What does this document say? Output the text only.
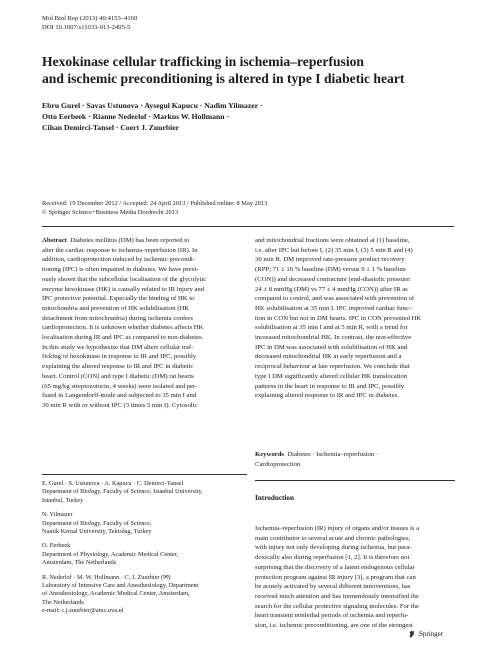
Mol Biol Rep (2013) 40:4153–4160
DOI 10.1007/s11033-013-2495-5
Hexokinase cellular trafficking in ischemia–reperfusion
and ischemic preconditioning is altered in type I diabetic heart
Ebru Gurel · Savas Ustunova · Aysegul Kapucu · Nadim Yilmazer ·
Otto Eerbeek · Rianne Nederlof · Markus W. Hollmann ·
Cihan Demirci-Tansel · Coert J. Zuurbier
Received: 19 December 2012 / Accepted: 24 April 2013 / Published online: 8 May 2013
© Springer Science+Business Media Dordrecht 2013
Abstract Diabetes mellitus (DM) has been reported to
alter the cardiac response to ischemia–reperfusion (IR). In
addition, cardioprotection induced by ischemic precondi-
tioning (IPC) is often impaired in diabetes. We have previ-
ously shown that the subcellular localisation of the glycolytic
enzyme hexokinase (HK) is causally related to IR injury and
IPC protective potential. Especially the binding of HK to
mitochondria and prevention of HK solubilisation (HK
detachment from mitochondria) during ischemia confers
cardioprotection. It is unknown whether diabetes affects HK
localisation during IR and IPC as compared to non-diabetes.
In this study we hypothesize that DM alters cellular traf-
ficking of hexokinase in response to IR and IPC, possibly
explaining the altered response to IR and IPC in diabetic
heart. Control (CON) and type I diabetic (DM) rat hearts
(65 mg/kg streptozotocin, 4 weeks) were isolated and per-
fused in Langendorff-mode and subjected to 35 min I and
30 min R with or without IPC (3 times 5 min I). Cytosolic
and mitochondrial fractions were obtained at (1) baseline,
i.e. after IPC but before I, (2) 35 min I, (3) 5 min R and (4)
30 min R. DM improved rate-pressure product recovery
(RPP; 71 ± 10 % baseline (DM) versus 9 ± 1 % baseline
(CON)) and decreased contracture (end-diastolic pressure:
24 ± 8 mmHg (DM) vs 77 ± 4 mmHg (CON)) after IR as
compared to control, and was associated with prevention of
HK solubilisation at 35 min I. IPC improved cardiac func-
tion in CON but not in DM hearts. IPC in CON prevented HK
solubilisation at 35 min I and at 5 min R, with a trend for
increased mitochondrial HK. In contrast, the non-effective
IPC in DM was associated with solubilisation of HK and
decreased mitochondrial HK at early reperfusion and a
reciprocal behaviour at late reperfusion. We conclude that
type I DM significantly altered cellular HK translocation
patterns in the heart in response to IR and IPC, possibly
explaining altered response to IR and IPC in diabetes.
Keywords Diabetes · Ischemia–reperfusion ·
Cardioprotection

E. Gurel · S. Ustunova · A. Kapucu · C. Demirci-Tansel
Department of Biology, Faculty of Science, Istanbul University,
Istanbul, Turkey

N. Yilmazer
Department of Biology, Faculty of Science,
Namik Kemal University, Tekirdag, Turkey

O. Eerbeek
Department of Physiology, Academic Medical Center,
Amsterdam, The Netherlands

R. Nederlof · M. W. Hollmann · C. J. Zuurbier (✉)
Laboratory of Intensive Care and Anesthesiology, Department
of Anesthesiology, Academic Medical Center, Amsterdam,
The Netherlands
e-mail: c.j.zuurbier@amc.uva.nl

Introduction
Ischemia–reperfusion (IR) injury of organs and/or tissues is a
main contributor to several acute and chronic pathologies,
with injury not only developing during ischemia, but para-
doxically also during reperfusion [1, 2]. It is therefore not
surprising that the discovery of a latent endogenous cellular
protection program against IR injury [3], a program that can
be acutely activated by several different interventions, has
received much attention and has tremendously intensified the
search for the cellular protective signaling molecules. For the
heart transient nonlethal periods of ischemia and reperfu-
sion, i.e. ischemic preconditioning, are one of the strongest
Springer
